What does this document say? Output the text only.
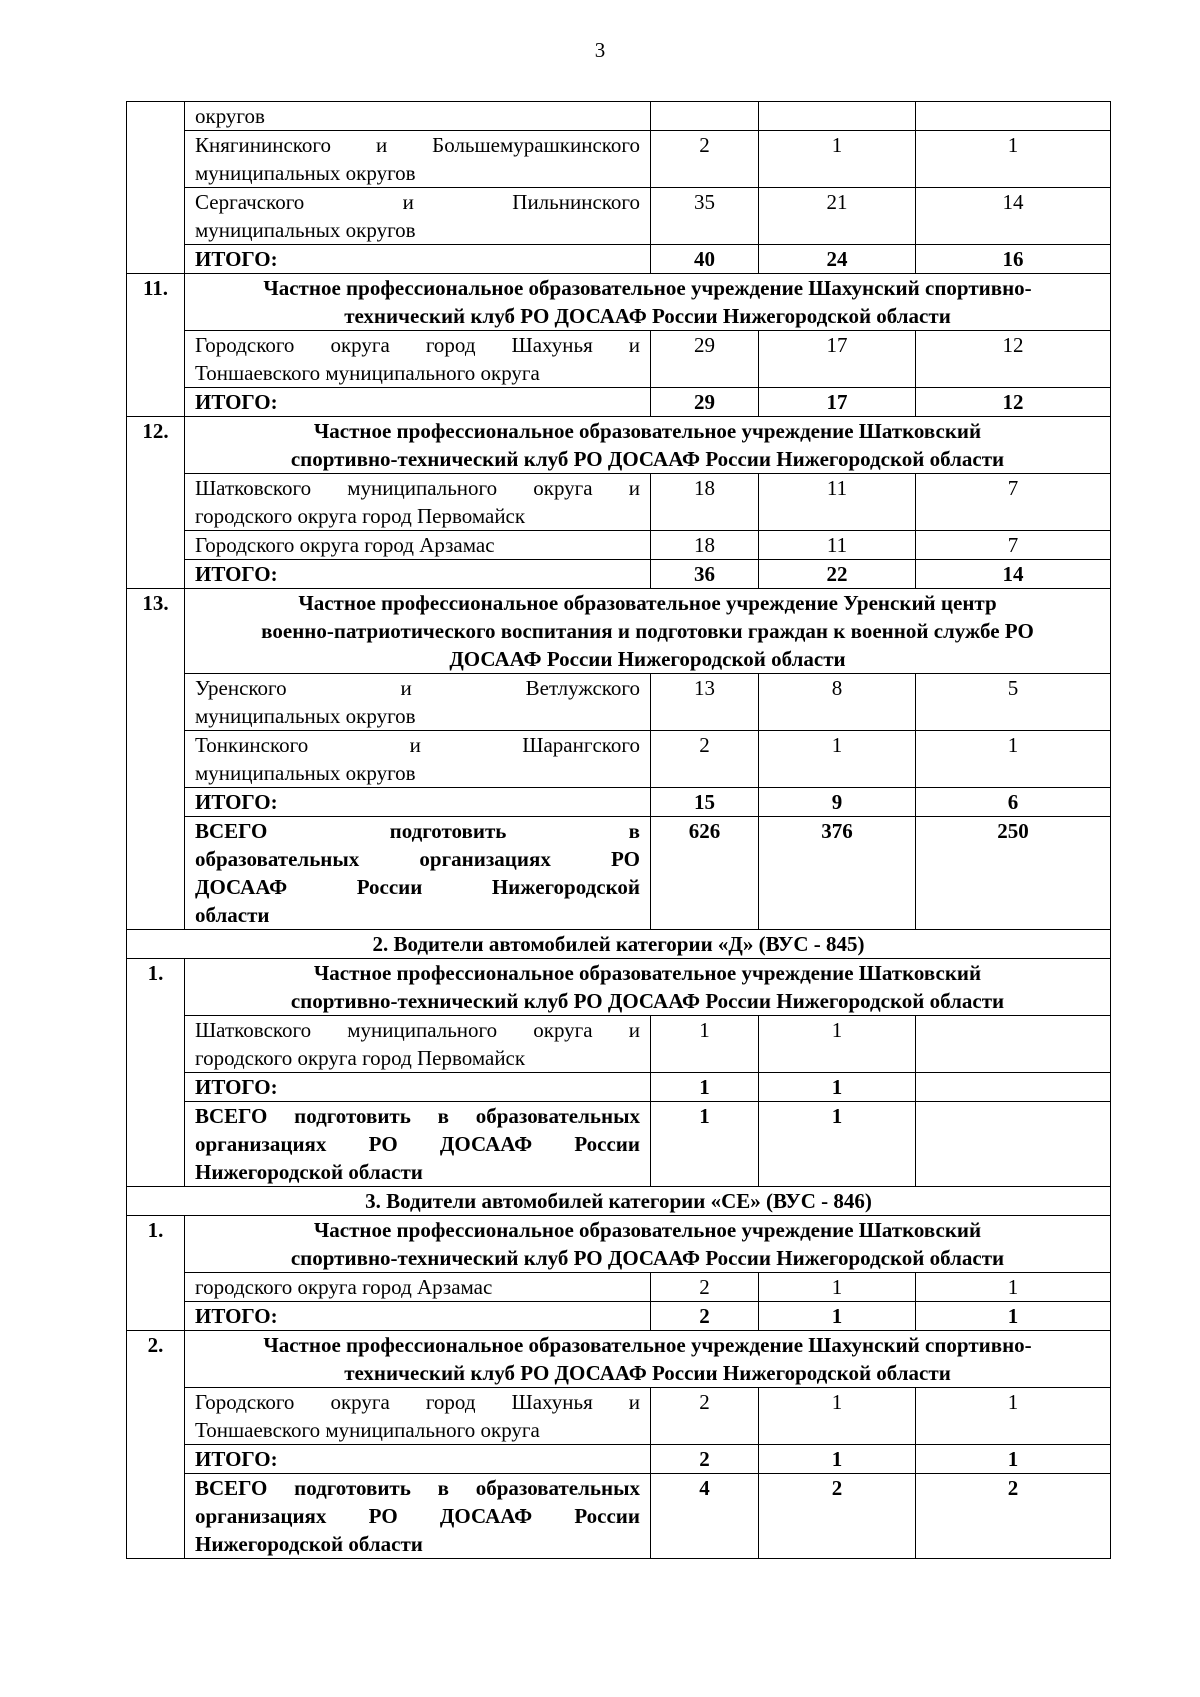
3

	округов			

	Княгининского и Большемурашкинского
муниципальных округов	2	1	1

	Сергачского и Пильнинского
муниципальных округов	35	21	14
	ИТОГО:	40	24	16
11.	Частное профессиональное образовательное учреждение Шахунский спортивно-
технический клуб РО ДОСААФ России Нижегородской области			

	Городского округа город Шахунья и
Тоншаевского муниципального округа	29	17	12
	ИТОГО:	29	17	12
12.	Частное профессиональное образовательное учреждение Шатковский
спортивно-технический клуб РО ДОСААФ России Нижегородской области			

	Шатковского муниципального округа и
городского округа город Первомайск	18	11	7

	Городского округа город Арзамас	18	11	7
	ИТОГО:	36	22	14
13.	Частное профессиональное образовательное учреждение Уренский центр
военно-патриотического воспитания и подготовки граждан к военной службе РО
ДОСААФ России Нижегородской области			

	Уренского и Ветлужского
муниципальных округов	13	8	5

	Тонкинского и Шарангского
муниципальных округов	2	1	1
	ИТОГО:	15	9	6

	ВСЕГО подготовить в
образовательных организациях РО
ДОСААФ России Нижегородской
области	626	376	250
2. Водители автомобилей категории «Д» (ВУС - 845)				
1.	Частное профессиональное образовательное учреждение Шатковский
спортивно-технический клуб РО ДОСААФ России Нижегородской области			

	Шатковского муниципального округа и
городского округа город Первомайск	1	1	
	ИТОГО:	1	1	

	ВСЕГО подготовить в образовательных
организациях РО ДОСААФ России
Нижегородской области	1	1	
3. Водители автомобилей категории «СЕ» (ВУС - 846)				
1.	Частное профессиональное образовательное учреждение Шатковский
спортивно-технический клуб РО ДОСААФ России Нижегородской области			

	городского округа город Арзамас	2	1	1
	ИТОГО:	2	1	1
2.	Частное профессиональное образовательное учреждение Шахунский спортивно-
технический клуб РО ДОСААФ России Нижегородской области			

	Городского округа город Шахунья и
Тоншаевского муниципального округа	2	1	1
	ИТОГО:	2	1	1

	ВСЕГО подготовить в образовательных
организациях РО ДОСААФ России
Нижегородской области	4	2	2
